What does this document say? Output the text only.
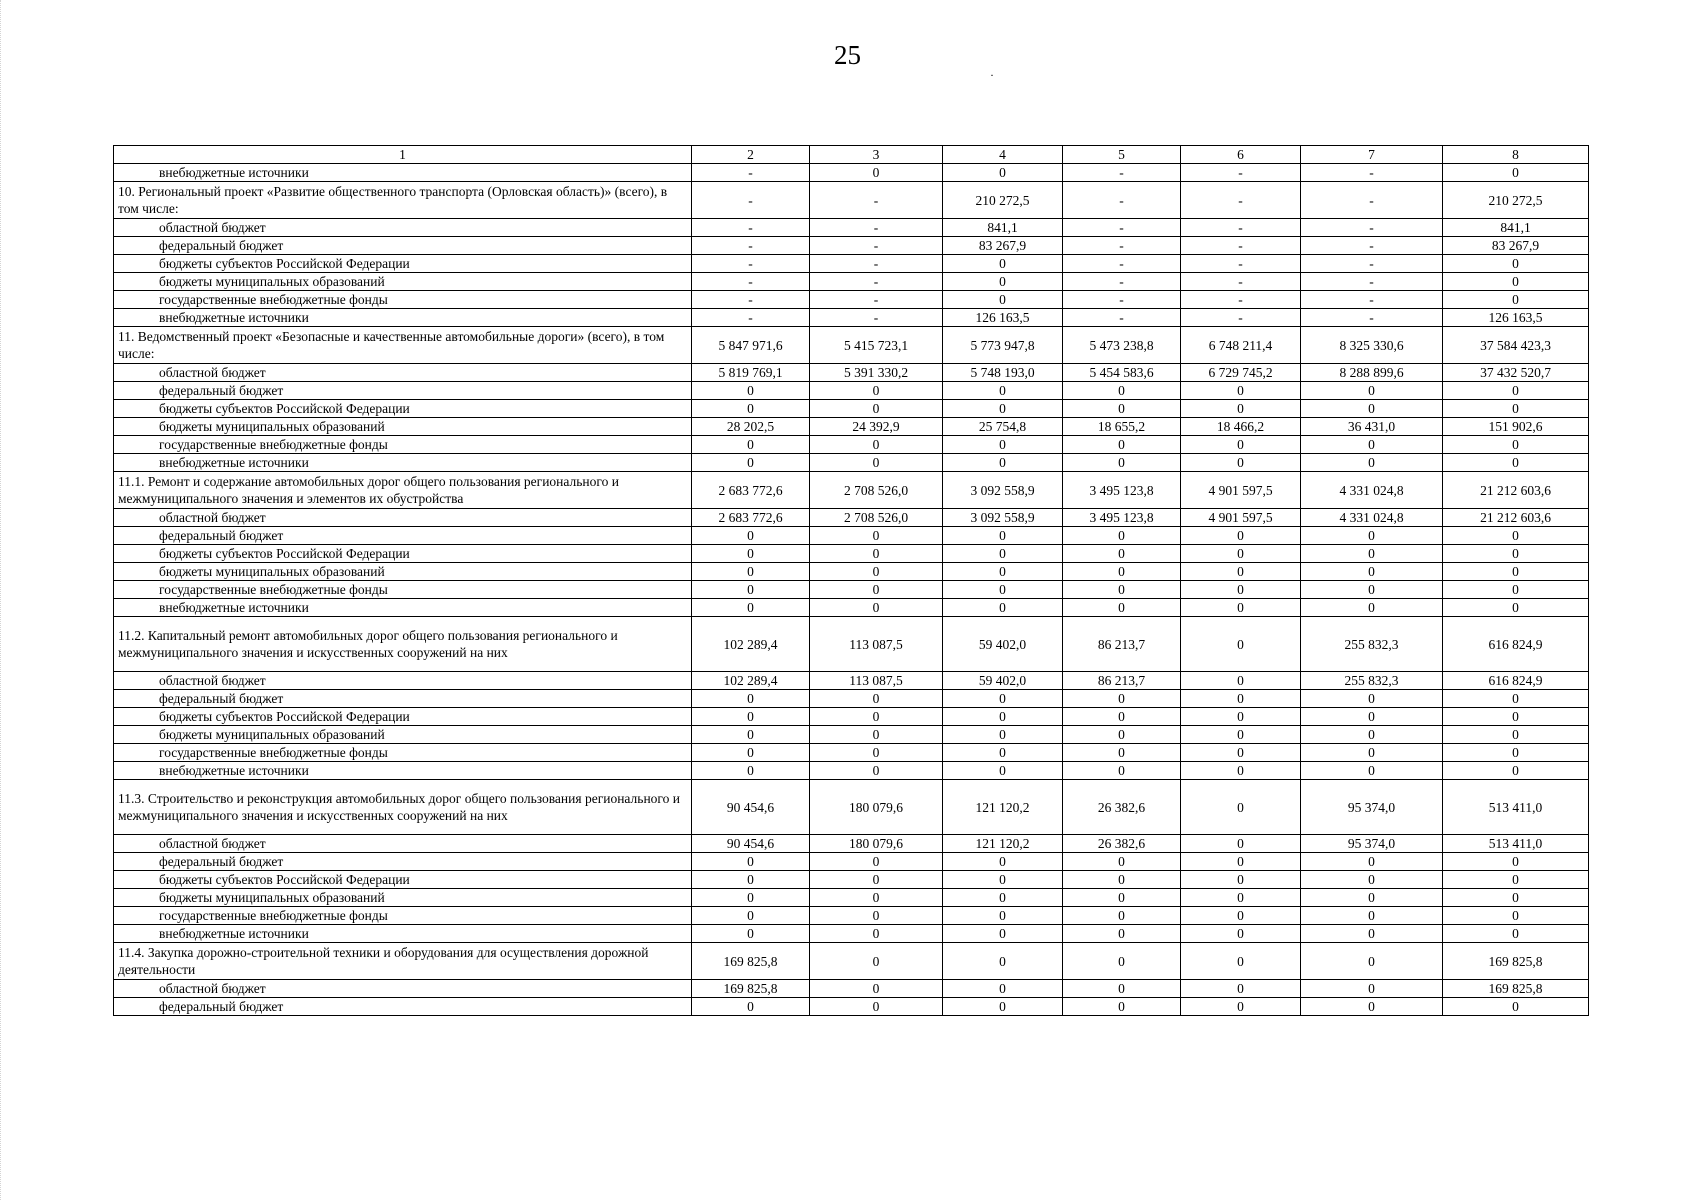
25
·
1	2	3	4	5	6	7	8
внебюджетные источники	-	0	0	-	-	-	0
10. Региональный проект «Развитие общественного транспорта (Орловская область)» (всего), в том числе:	-	-	210 272,5	-	-	-	210 272,5
областной бюджет	-	-	841,1	-	-	-	841,1
федеральный бюджет	-	-	83 267,9	-	-	-	83 267,9
бюджеты субъектов Российской Федерации	-	-	0	-	-	-	0
бюджеты муниципальных образований	-	-	0	-	-	-	0
государственные внебюджетные фонды	-	-	0	-	-	-	0
внебюджетные источники	-	-	126 163,5	-	-	-	126 163,5
11. Ведомственный проект «Безопасные и качественные автомобильные дороги» (всего), в том числе:	5 847 971,6	5 415 723,1	5 773 947,8	5 473 238,8	6 748 211,4	8 325 330,6	37 584 423,3
областной бюджет	5 819 769,1	5 391 330,2	5 748 193,0	5 454 583,6	6 729 745,2	8 288 899,6	37 432 520,7
федеральный бюджет	0	0	0	0	0	0	0
бюджеты субъектов Российской Федерации	0	0	0	0	0	0	0
бюджеты муниципальных образований	28 202,5	24 392,9	25 754,8	18 655,2	18 466,2	36 431,0	151 902,6
государственные внебюджетные фонды	0	0	0	0	0	0	0
внебюджетные источники	0	0	0	0	0	0	0
11.1. Ремонт и содержание автомобильных дорог общего пользования регионального и межмуниципального значения и элементов их обустройства	2 683 772,6	2 708 526,0	3 092 558,9	3 495 123,8	4 901 597,5	4 331 024,8	21 212 603,6
областной бюджет	2 683 772,6	2 708 526,0	3 092 558,9	3 495 123,8	4 901 597,5	4 331 024,8	21 212 603,6
федеральный бюджет	0	0	0	0	0	0	0
бюджеты субъектов Российской Федерации	0	0	0	0	0	0	0
бюджеты муниципальных образований	0	0	0	0	0	0	0
государственные внебюджетные фонды	0	0	0	0	0	0	0
внебюджетные источники	0	0	0	0	0	0	0
11.2. Капитальный ремонт автомобильных дорог общего пользования регионального и межмуниципального значения и искусственных сооружений на них	102 289,4	113 087,5	59 402,0	86 213,7	0	255 832,3	616 824,9
областной бюджет	102 289,4	113 087,5	59 402,0	86 213,7	0	255 832,3	616 824,9
федеральный бюджет	0	0	0	0	0	0	0
бюджеты субъектов Российской Федерации	0	0	0	0	0	0	0
бюджеты муниципальных образований	0	0	0	0	0	0	0
государственные внебюджетные фонды	0	0	0	0	0	0	0
внебюджетные источники	0	0	0	0	0	0	0
11.3. Строительство и реконструкция автомобильных дорог общего пользования регионального и межмуниципального значения и искусственных сооружений на них	90 454,6	180 079,6	121 120,2	26 382,6	0	95 374,0	513 411,0
областной бюджет	90 454,6	180 079,6	121 120,2	26 382,6	0	95 374,0	513 411,0
федеральный бюджет	0	0	0	0	0	0	0
бюджеты субъектов Российской Федерации	0	0	0	0	0	0	0
бюджеты муниципальных образований	0	0	0	0	0	0	0
государственные внебюджетные фонды	0	0	0	0	0	0	0
внебюджетные источники	0	0	0	0	0	0	0
11.4. Закупка дорожно-строительной техники и оборудования для осуществления дорожной деятельности	169 825,8	0	0	0	0	0	169 825,8
областной бюджет	169 825,8	0	0	0	0	0	169 825,8
федеральный бюджет	0	0	0	0	0	0	0
